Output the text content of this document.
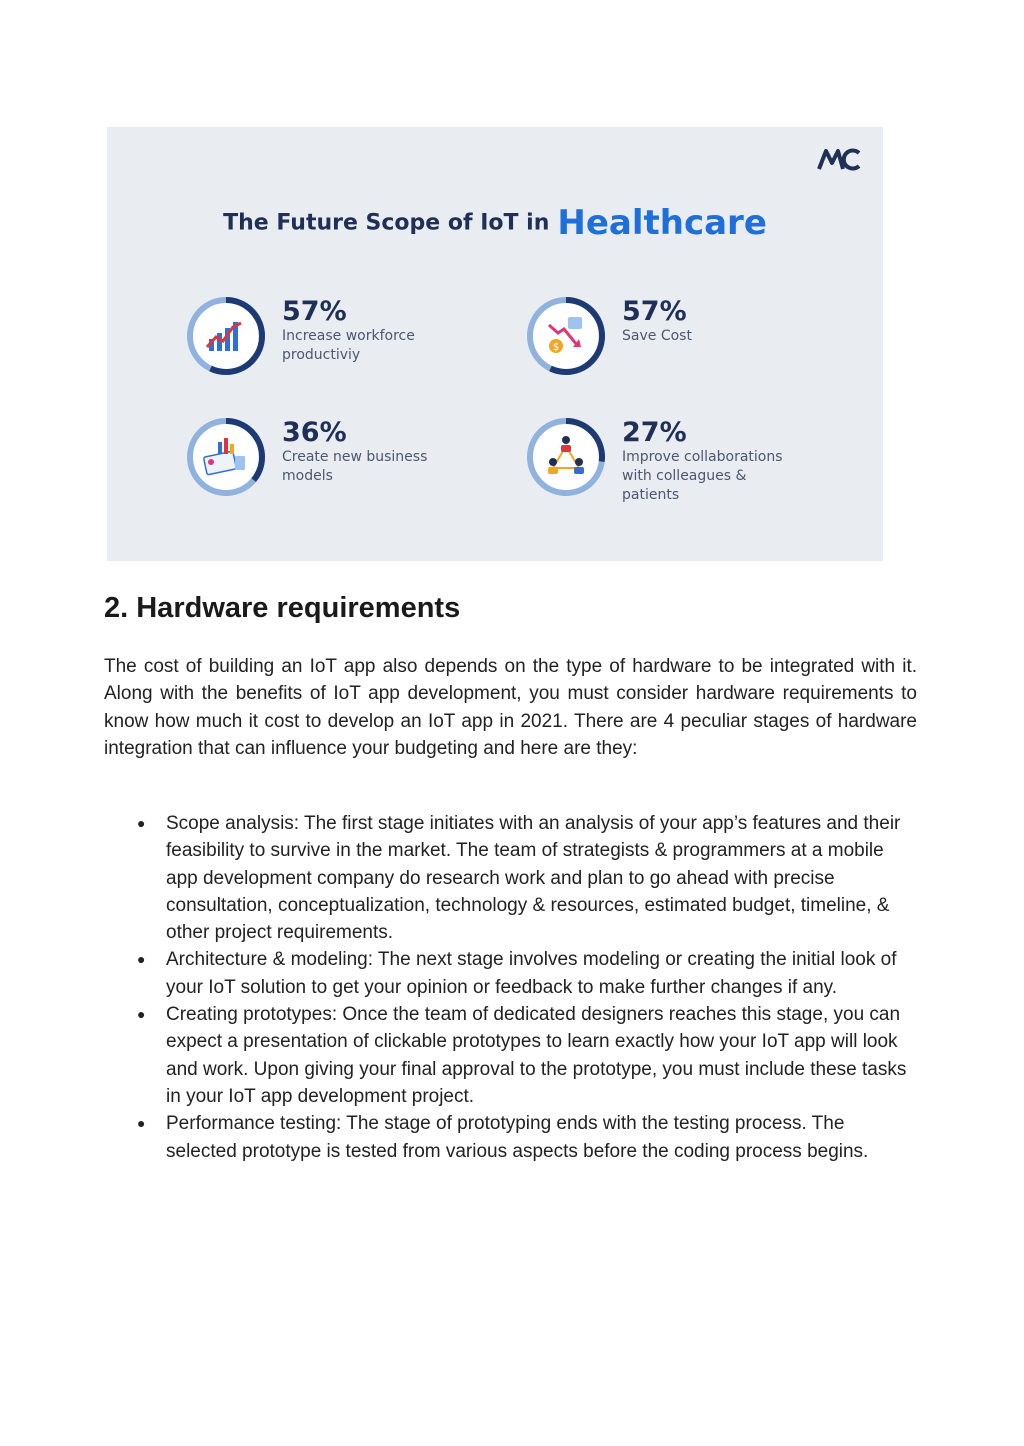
The Future Scope of IoT in Healthcare
57%
Increase workforce productiviy	$
57%
Save Cost
36%
Create new business models
27%
Improve collaborations with colleagues & patients
2. Hardware requirements

The cost of building an IoT app also depends on the type of hardware to be integrated with it. Along with the benefits of IoT app development, you must consider hardware requirements to know how much it cost to develop an IoT app in 2021. There are 4 peculiar stages of hardware integration that can influence your budgeting and here are they:

● Scope analysis: The first stage initiates with an analysis of your app’s features and their feasibility to survive in the market. The team of strategists & programmers at a mobile app development company do research work and plan to go ahead with precise consultation, conceptualization, technology & resources, estimated budget, timeline, & other project requirements.
● Architecture & modeling: The next stage involves modeling or creating the initial look of your IoT solution to get your opinion or feedback to make further changes if any.
● Creating prototypes: Once the team of dedicated designers reaches this stage, you can expect a presentation of clickable prototypes to learn exactly how your IoT app will look and work. Upon giving your final approval to the prototype, you must include these tasks in your IoT app development project.
● Performance testing: The stage of prototyping ends with the testing process. The selected prototype is tested from various aspects before the coding process begins.
